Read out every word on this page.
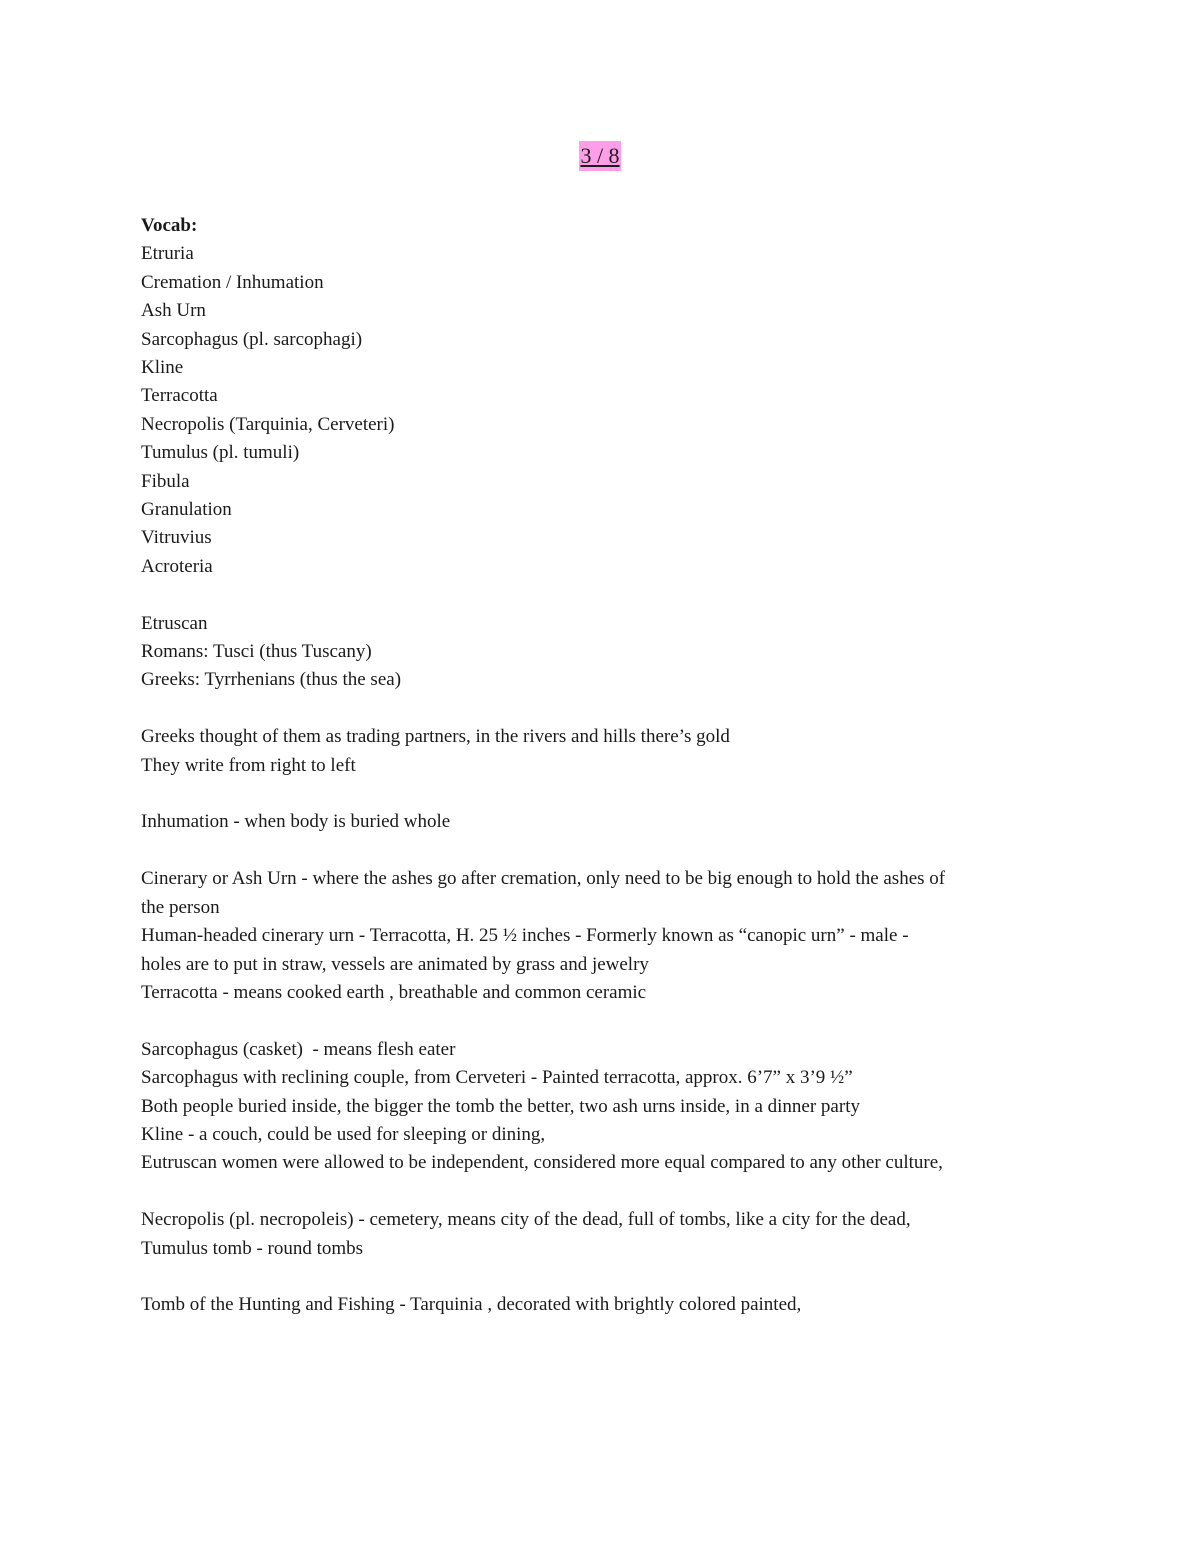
3 / 8
Vocab:
Etruria
Cremation / Inhumation
Ash Urn
Sarcophagus (pl. sarcophagi)
Kline
Terracotta
Necropolis (Tarquinia, Cerveteri)
Tumulus (pl. tumuli)
Fibula
Granulation
Vitruvius
Acroteria
Etruscan
Romans: Tusci (thus Tuscany)
Greeks: Tyrrhenians (thus the sea)
Greeks thought of them as trading partners, in the rivers and hills there’s gold
They write from right to left
Inhumation - when body is buried whole
Cinerary or Ash Urn - where the ashes go after cremation, only need to be big enough to hold the ashes of
the person
Human-headed cinerary urn - Terracotta, H. 25 ½ inches - Formerly known as “canopic urn” - male -
holes are to put in straw, vessels are animated by grass and jewelry
Terracotta - means cooked earth , breathable and common ceramic
Sarcophagus (casket)  - means flesh eater
Sarcophagus with reclining couple, from Cerveteri - Painted terracotta, approx. 6’7” x 3’9 ½”
Both people buried inside, the bigger the tomb the better, two ash urns inside, in a dinner party
Kline - a couch, could be used for sleeping or dining,
Eutruscan women were allowed to be independent, considered more equal compared to any other culture,
Necropolis (pl. necropoleis) - cemetery, means city of the dead, full of tombs, like a city for the dead,
Tumulus tomb - round tombs
Tomb of the Hunting and Fishing - Tarquinia , decorated with brightly colored painted,
